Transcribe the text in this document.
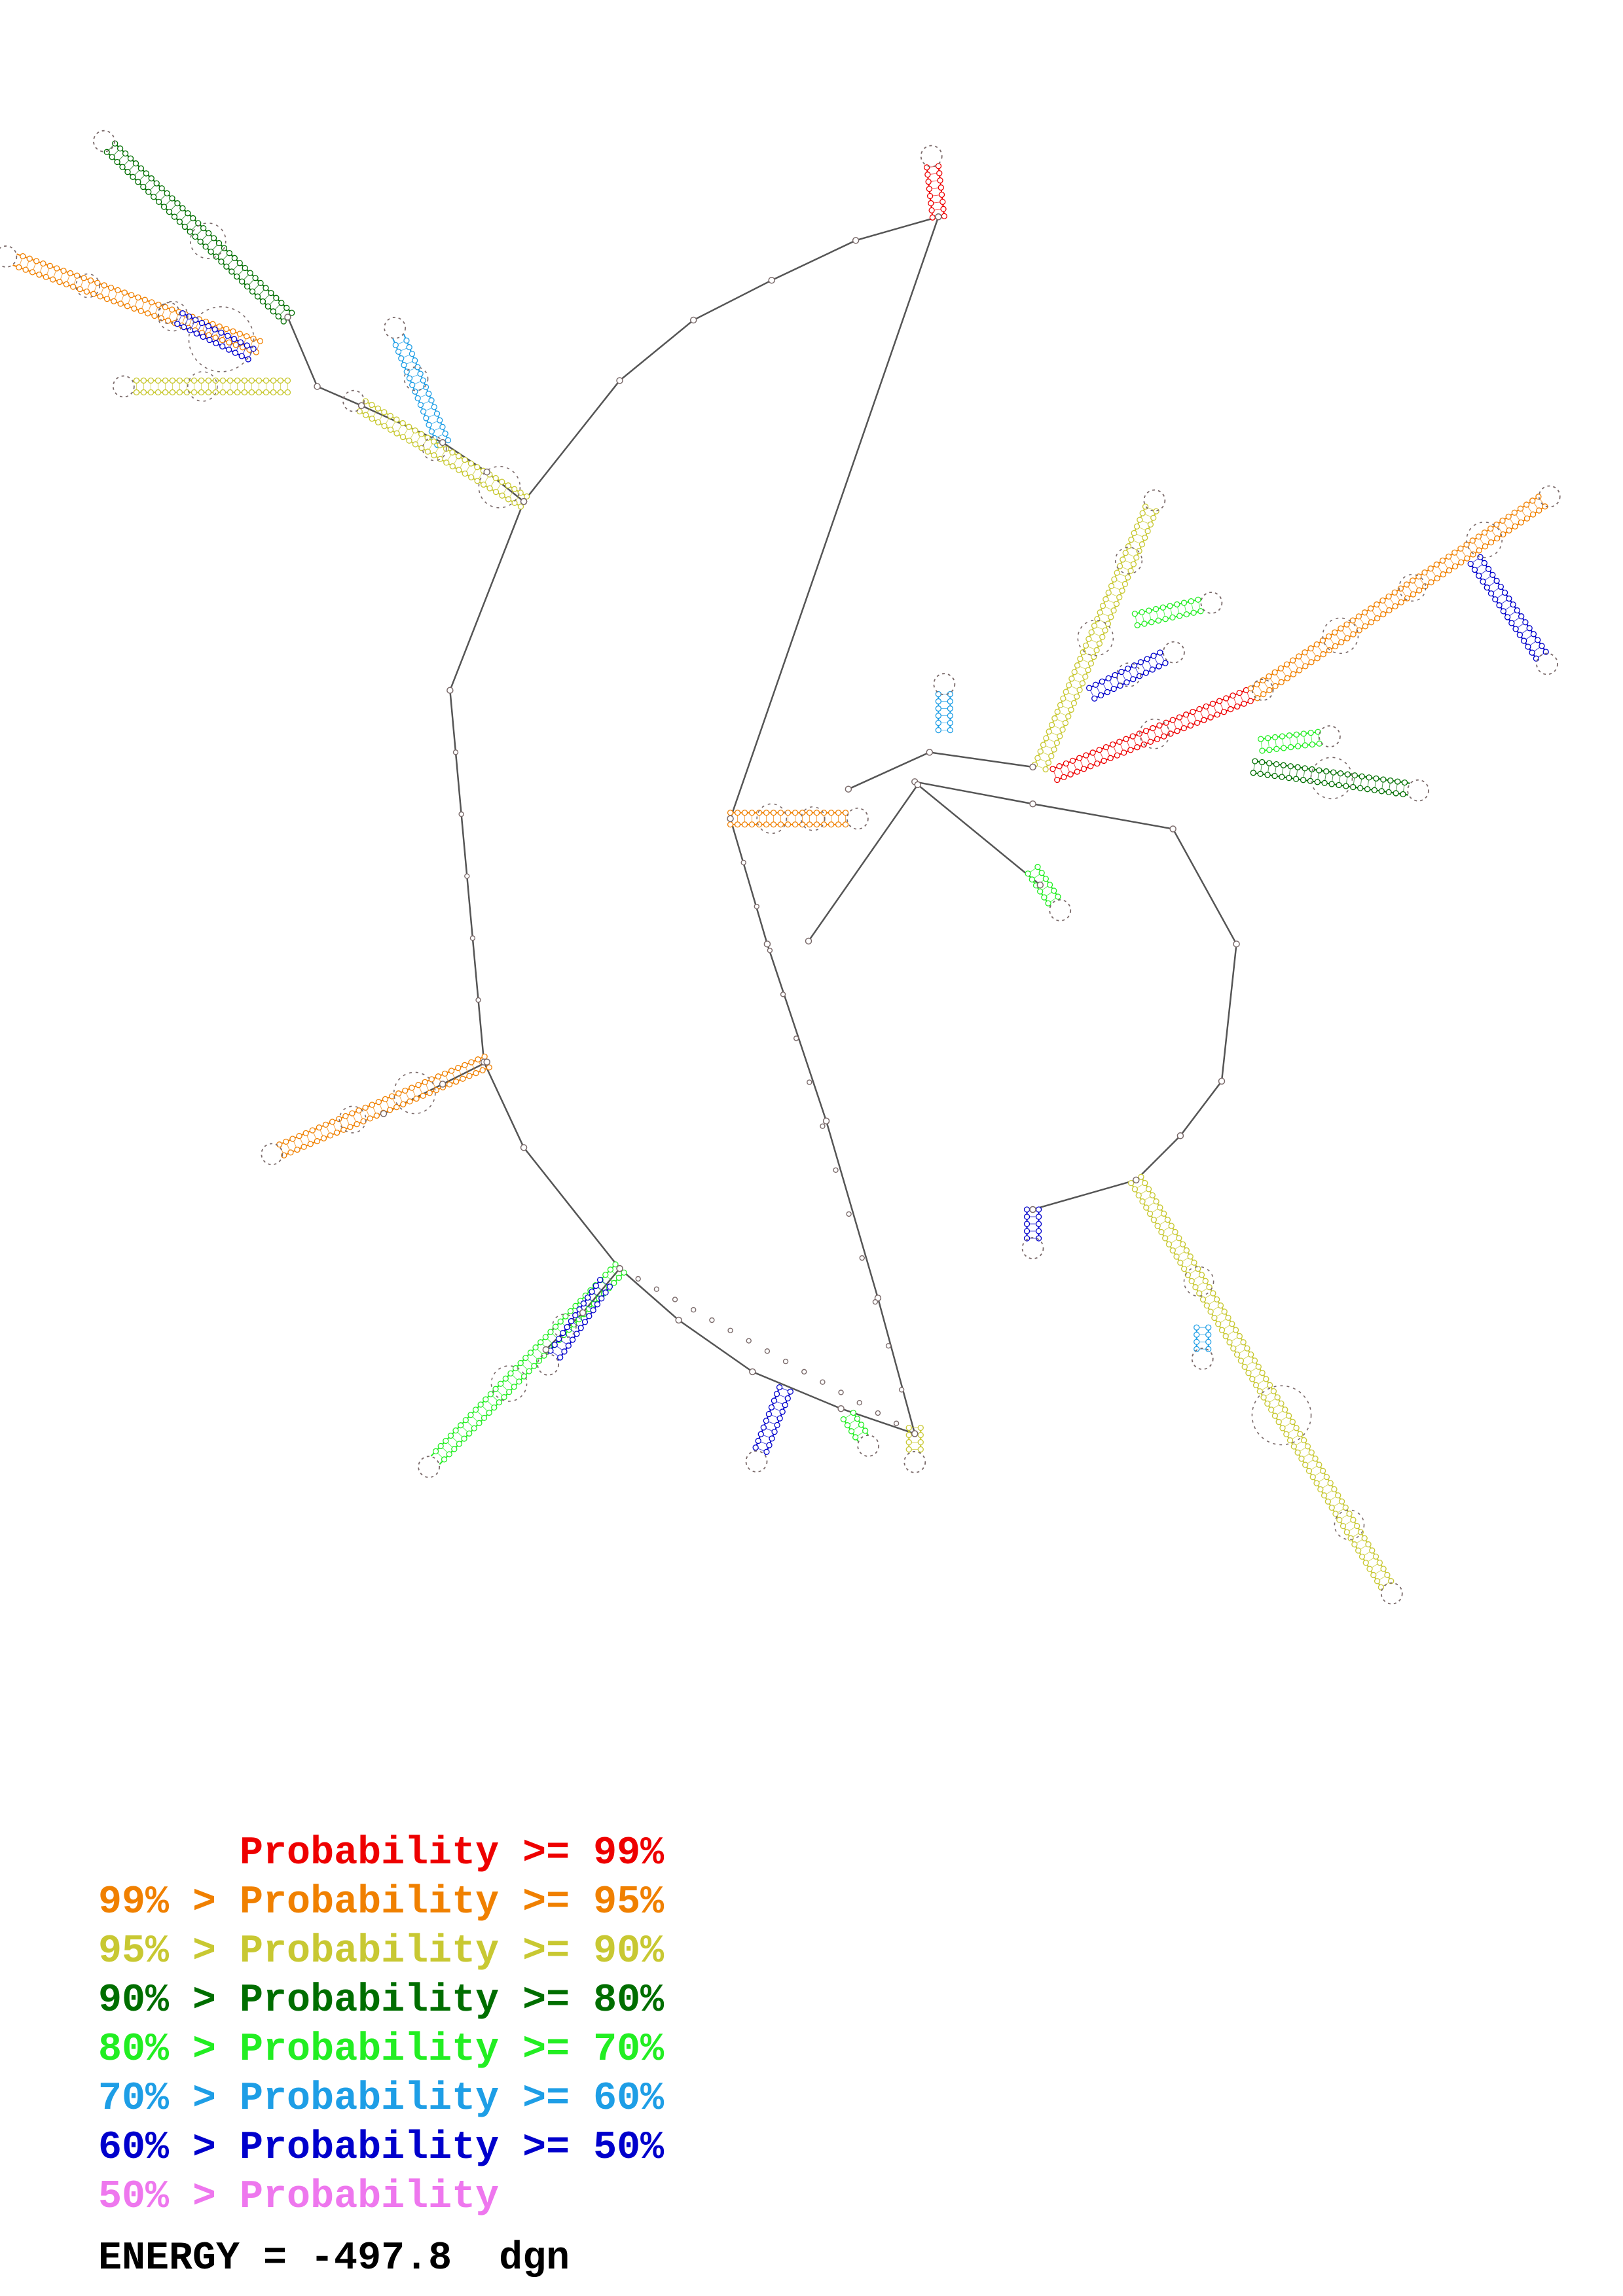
Probability >= 99%
99% > Probability >= 95%
95% > Probability >= 90%
90% > Probability >= 80%
80% > Probability >= 70%
70% > Probability >= 60%
60% > Probability >= 50%
50% > Probability
ENERGY = -497.8  dgn
